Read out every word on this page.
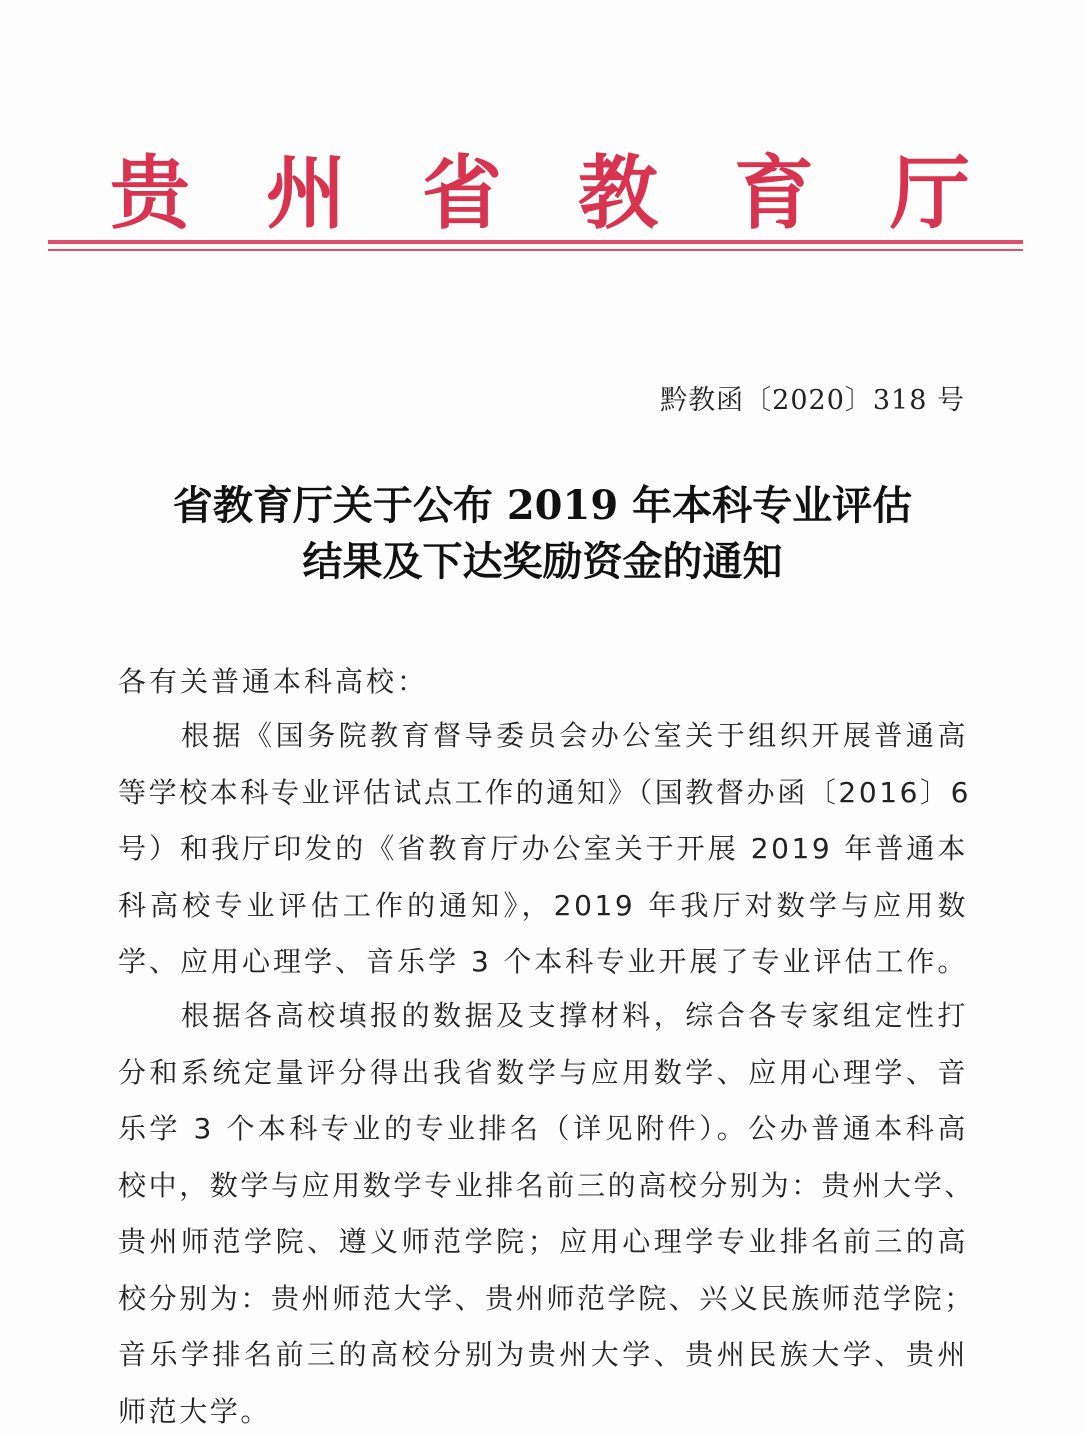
贵 州 省 教 育 厅
黔教函〔2020〕318 号
省教育厅关于公布 2019 年本科专业评估
结果及下达奖励资金的通知
各有关普通本科高校：
　　根据《国务院教育督导委员会办公室关于组织开展普通高
等学校本科专业评估试点工作的通知》（国教督办函〔2016〕6
号）和我厅印发的《省教育厅办公室关于开展 2019 年普通本
科高校专业评估工作的通知》，2019 年我厅对数学与应用数
学、应用心理学、音乐学 3 个本科专业开展了专业评估工作。
　　根据各高校填报的数据及支撑材料，综合各专家组定性打
分和系统定量评分得出我省数学与应用数学、应用心理学、音
乐学 3 个本科专业的专业排名（详见附件）。公办普通本科高
校中，数学与应用数学专业排名前三的高校分别为：贵州大学、
贵州师范学院、遵义师范学院；应用心理学专业排名前三的高
校分别为：贵州师范大学、贵州师范学院、兴义民族师范学院；
音乐学排名前三的高校分别为贵州大学、贵州民族大学、贵州
师范大学。
